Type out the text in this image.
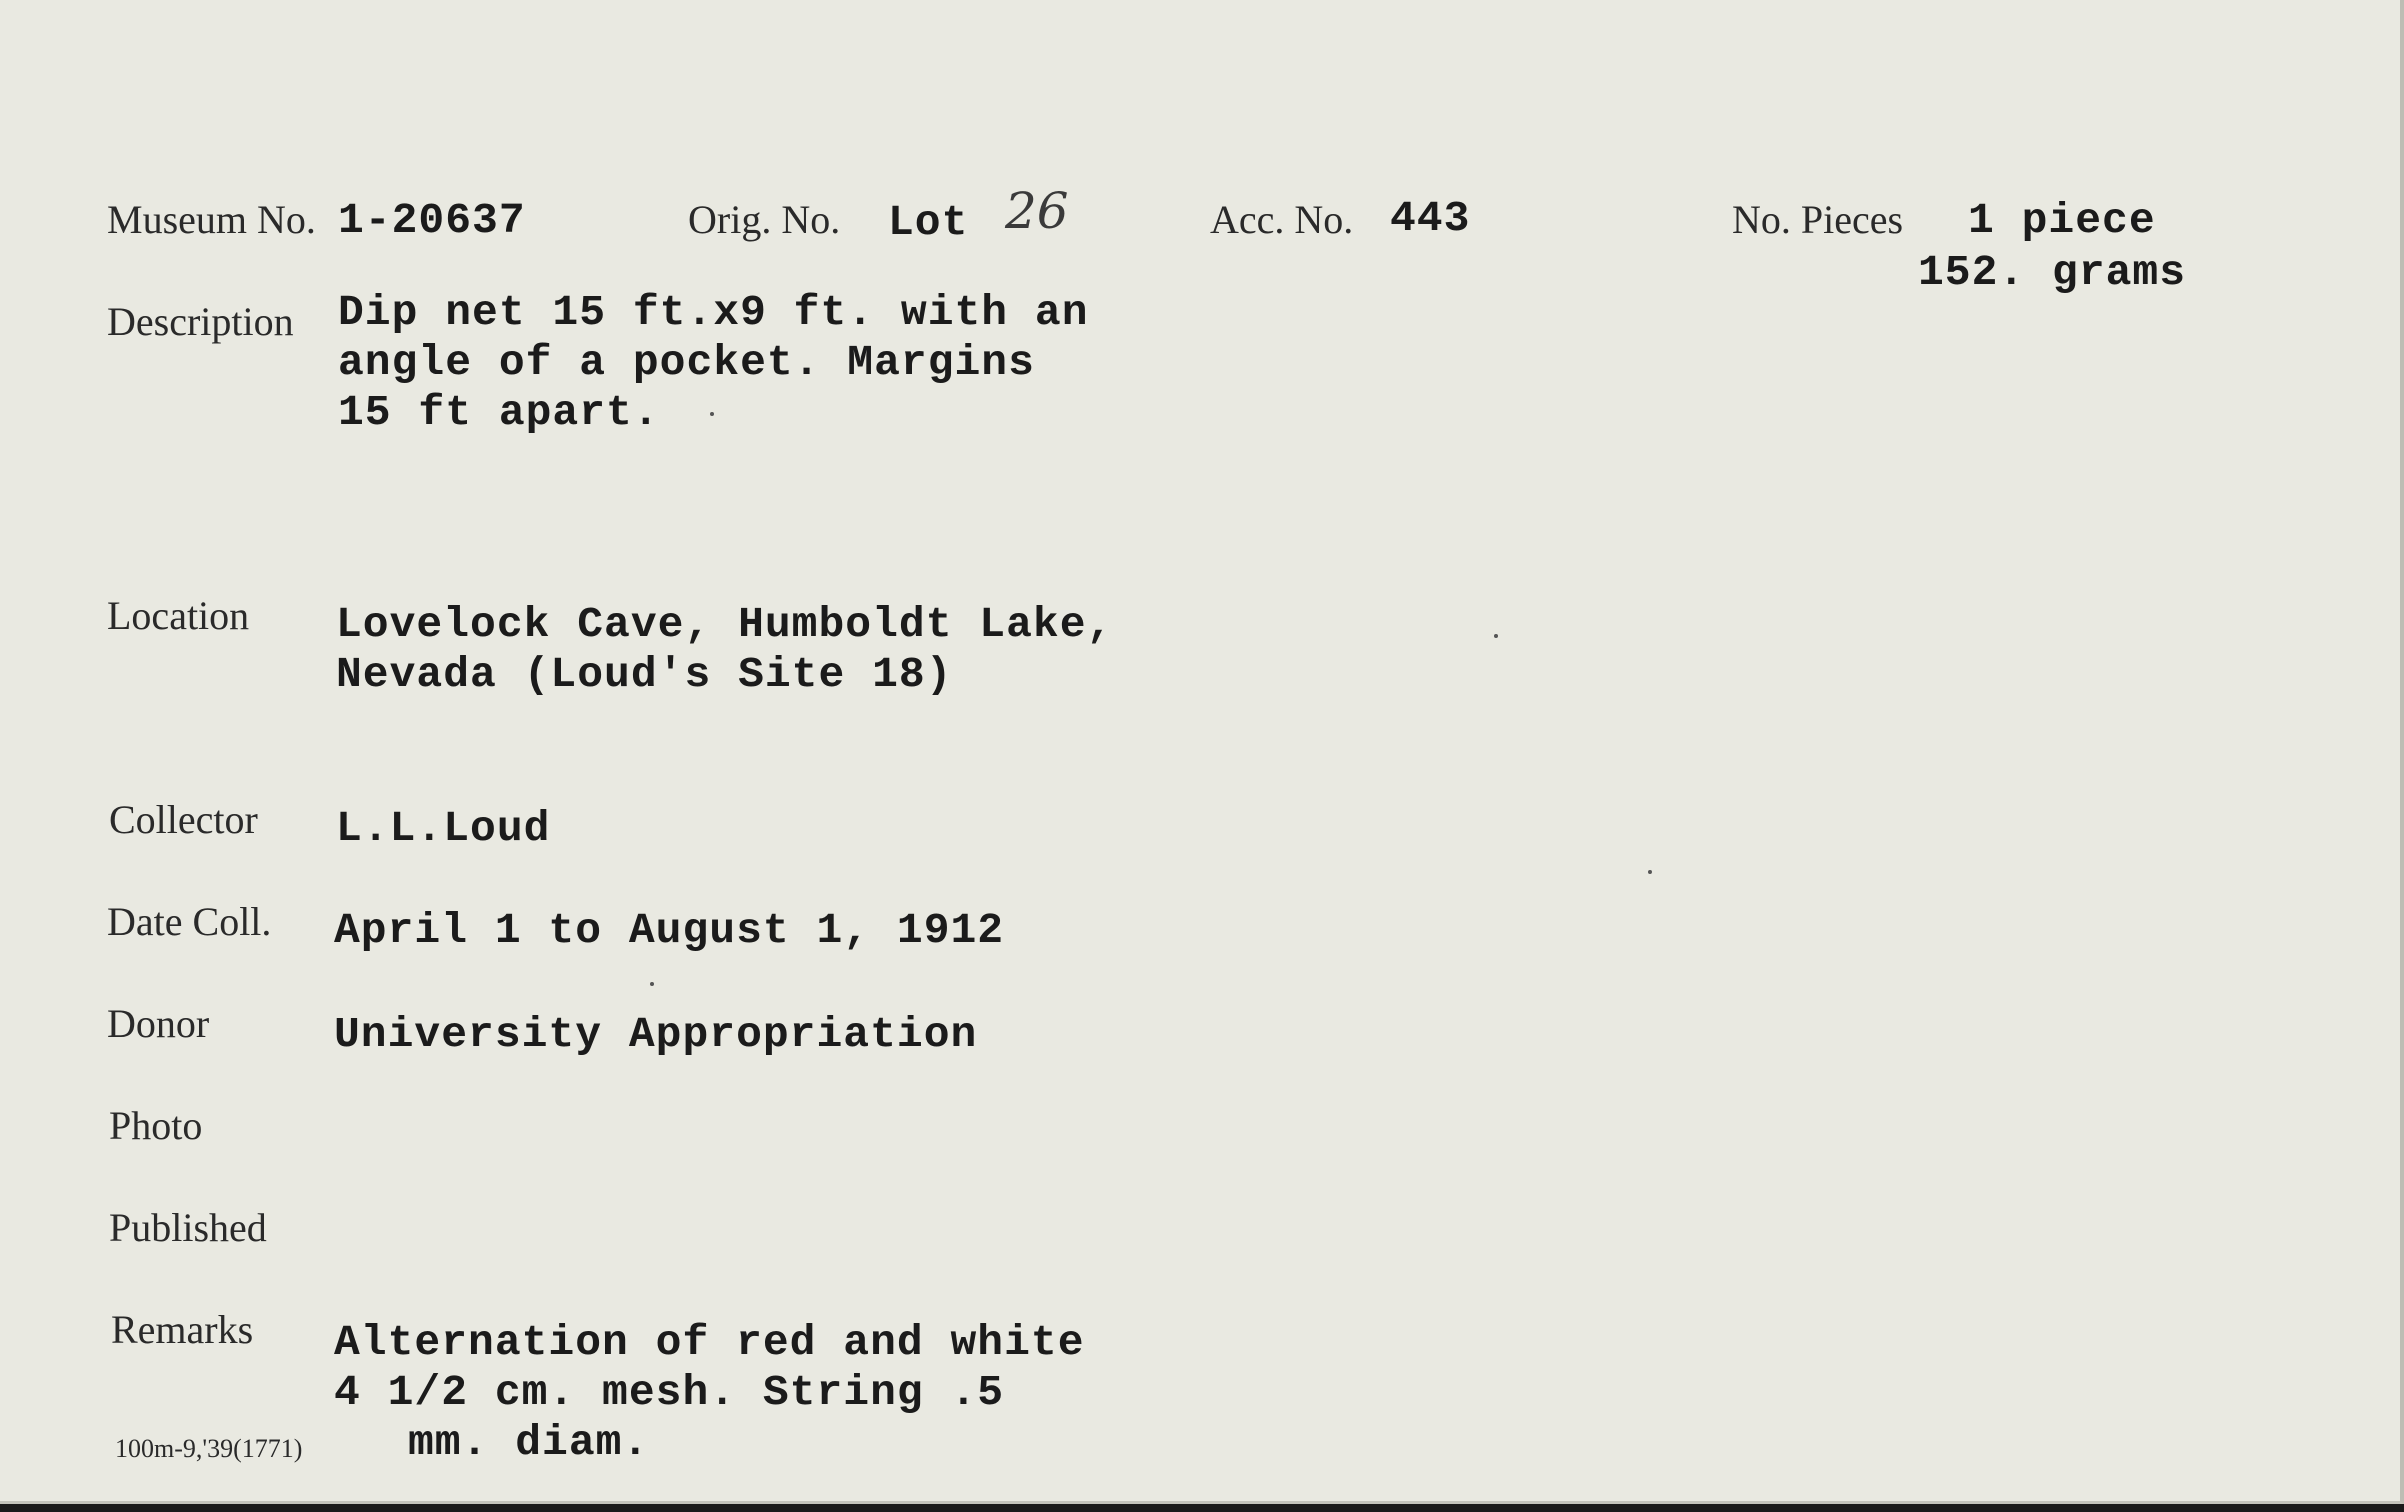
Museum No. 1-20637	Orig. No. Lot 26	Acc. No. 443	No. Pieces 1 piece
152. grams
Description Dip net 15 ft.x9 ft. with an
angle of a pocket. Margins
15 ft apart.
Location Lovelock Cave, Humboldt Lake,
Nevada (Loud's Site 18)
Collector L.L.Loud
Date Coll. April 1 to August 1, 1912
Donor	University Appropriation
Photo
Published
Remarks Alternation of red and white
4 1/2 cm. mesh. String .5
mm. diam.
100m-9,'39(1771)
